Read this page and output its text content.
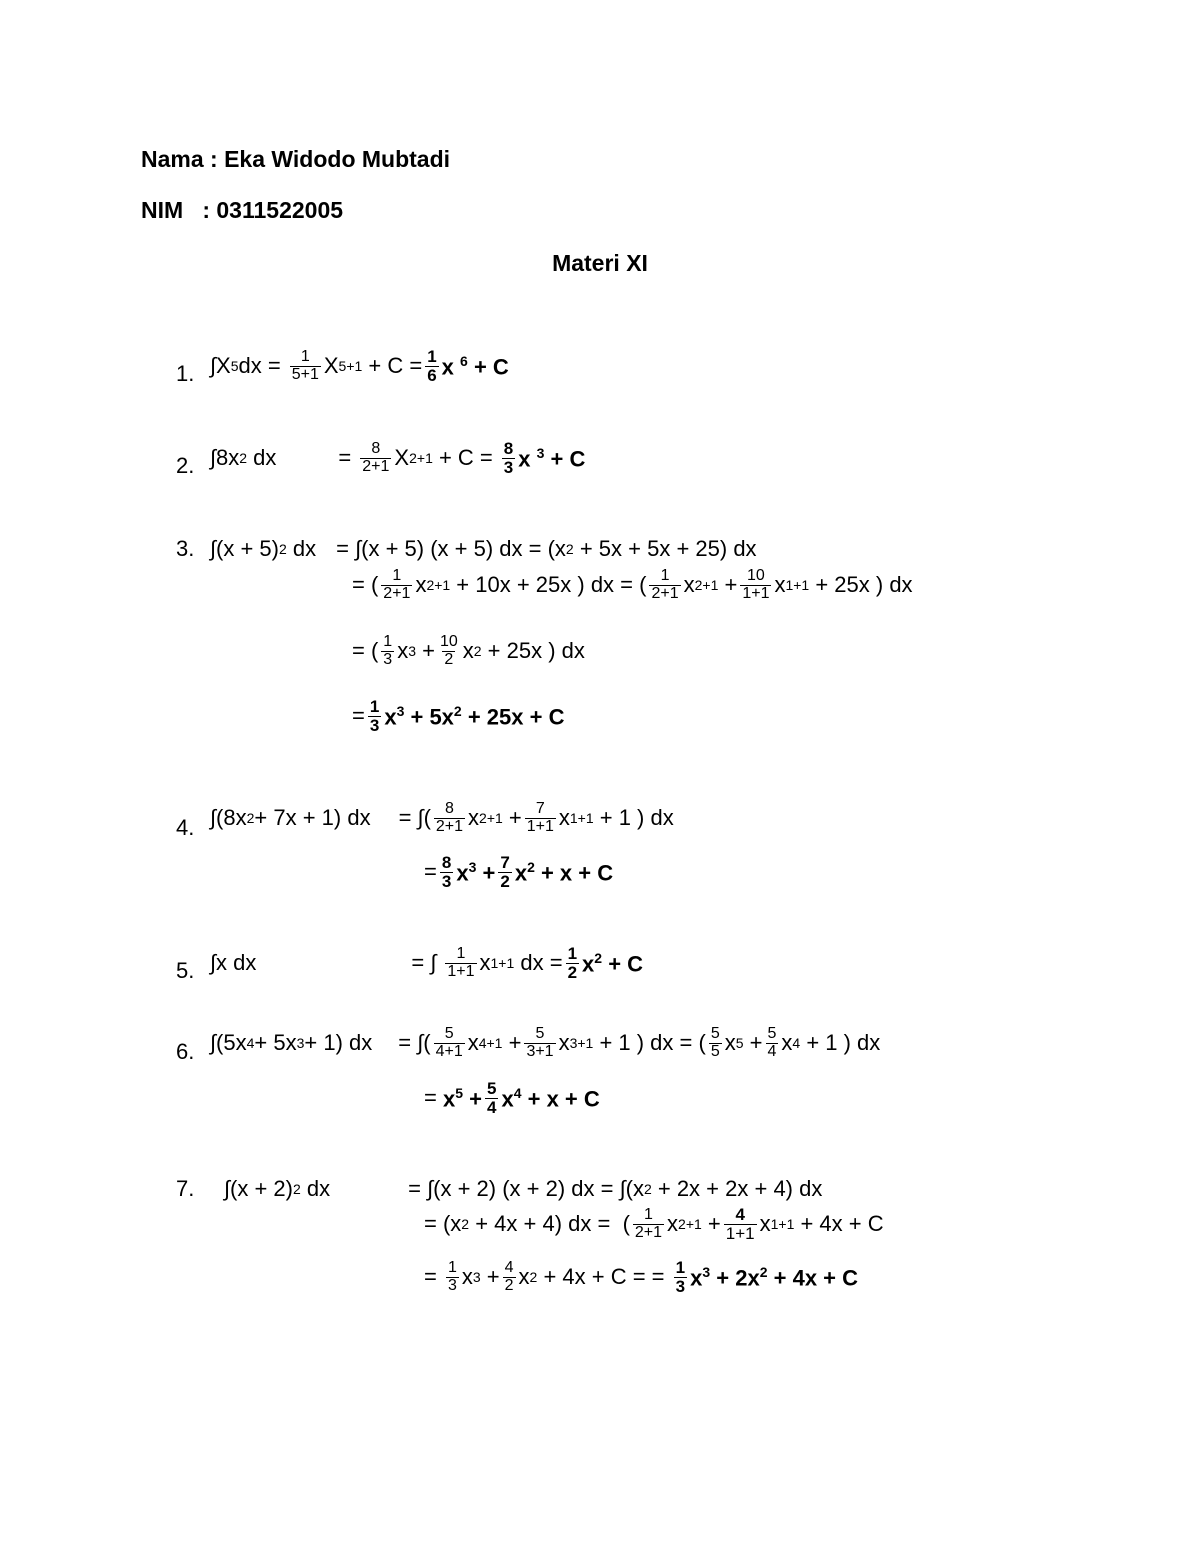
Nama : Eka Widodo Mubtadi
NIM   : 0311522005
Materi XI
1. ∫X 5 dx = $\frac{1}{5+1}$ X $5+1 + C = \frac{1}{6}$ x $^6$ + C
2. ∫8x 2 dx	= $\frac{8}{2+1}$ X $2+1 + C = \frac{8}{3}$ x $^3$ + C
3. ∫(x + 5) 2 dx = ∫(x + 5) (x + 5) dx = (x 2 + 5x + 5x + 25) dx
= ( $\frac{1}{2+1}$ x 2+1 + 10x + 25x ) dx = ( $\frac{1}{2+1}$ x $2+1 + \frac{10}{1+1}$ x 1+1 + 25x ) dx
= ( $\frac{1}{3}$ x $3 + \frac{10}{2}$ x 2 + 25x ) dx
= $\frac{1}{3} x^3 + 5x^2 + 25x + C$
4. ∫(8x 2 + 7x + 1) dx = ∫( $\frac{8}{2+1}$ x $2+1 + \frac{7}{1+1}$ x 1+1 + 1 ) dx
= $\frac{8}{3} x^3 + \frac{7}{2} x^2 + x + C$
5. ∫x dx	= ∫ $\frac{1}{1+1}$ x 1+1 dx = $\frac{1}{2} x^2 + C$
6. ∫(5x 4 + 5x 3 + 1) dx = ∫( $\frac{5}{4+1}$ x $4+1 + \frac{5}{3+1}$ x 3+1 + 1 ) dx = ( $\frac{5}{5}$ x $5 + \frac{5}{4}$ x 4 + 1 ) dx
= $x^5 + \frac{5}{4} x^4 + x + C$
7. ∫(x + 2) 2 dx	= ∫(x + 2) (x + 2) dx = ∫(x 2 + 2x + 2x + 4) dx
= (x 2 + 4x + 4) dx =  ( $\frac{1}{2+1}$ x $2+1 + \frac{4}{1+1}$ x 1+1 + 4x + C
= $\frac{1}{3}$ x $3 + \frac{4}{2}$ x 2 + 4x + C = = $\frac{1}{3} x^3 + 2x^2 + 4x + C$
